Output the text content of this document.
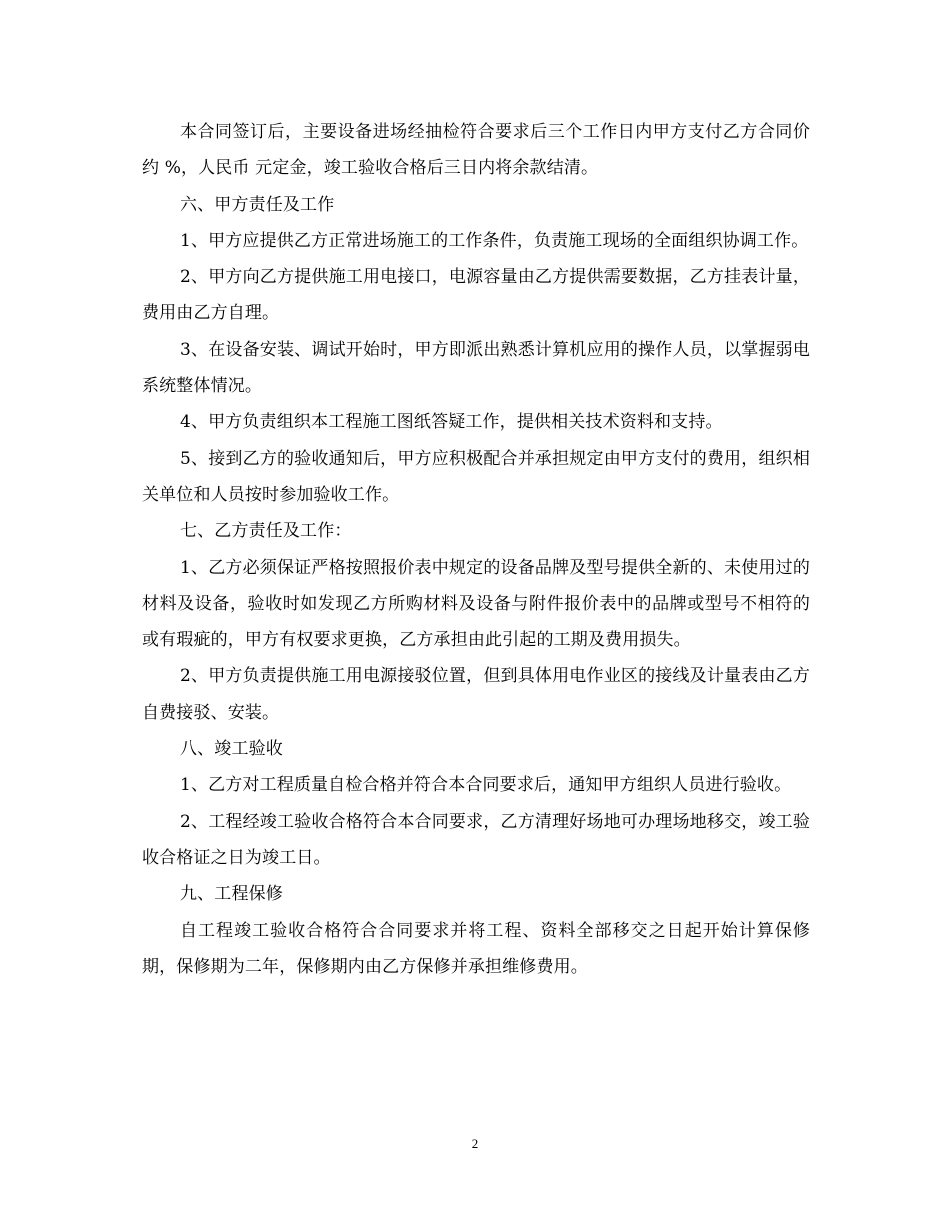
本合同签订后，主要设备进场经抽检符合要求后三个工作日内甲方支付乙方合同价约 %，人民币 元定金，竣工验收合格后三日内将余款结清。

六、甲方责任及工作

1、甲方应提供乙方正常进场施工的工作条件，负责施工现场的全面组织协调工作。

2、甲方向乙方提供施工用电接口，电源容量由乙方提供需要数据，乙方挂表计量，费用由乙方自理。

3、在设备安装、调试开始时，甲方即派出熟悉计算机应用的操作人员，以掌握弱电系统整体情况。

4、甲方负责组织本工程施工图纸答疑工作，提供相关技术资料和支持。

5、接到乙方的验收通知后，甲方应积极配合并承担规定由甲方支付的费用，组织相关单位和人员按时参加验收工作。

七、乙方责任及工作：

1、乙方必须保证严格按照报价表中规定的设备品牌及型号提供全新的、未使用过的材料及设备，验收时如发现乙方所购材料及设备与附件报价表中的品牌或型号不相符的或有瑕疵的，甲方有权要求更换，乙方承担由此引起的工期及费用损失。

2、甲方负责提供施工用电源接驳位置，但到具体用电作业区的接线及计量表由乙方自费接驳、安装。

八、竣工验收

1、乙方对工程质量自检合格并符合本合同要求后，通知甲方组织人员进行验收。

2、工程经竣工验收合格符合本合同要求，乙方清理好场地可办理场地移交，竣工验收合格证之日为竣工日。

九、工程保修

自工程竣工验收合格符合合同要求并将工程、资料全部移交之日起开始计算保修期，保修期为二年，保修期内由乙方保修并承担维修费用。

2
